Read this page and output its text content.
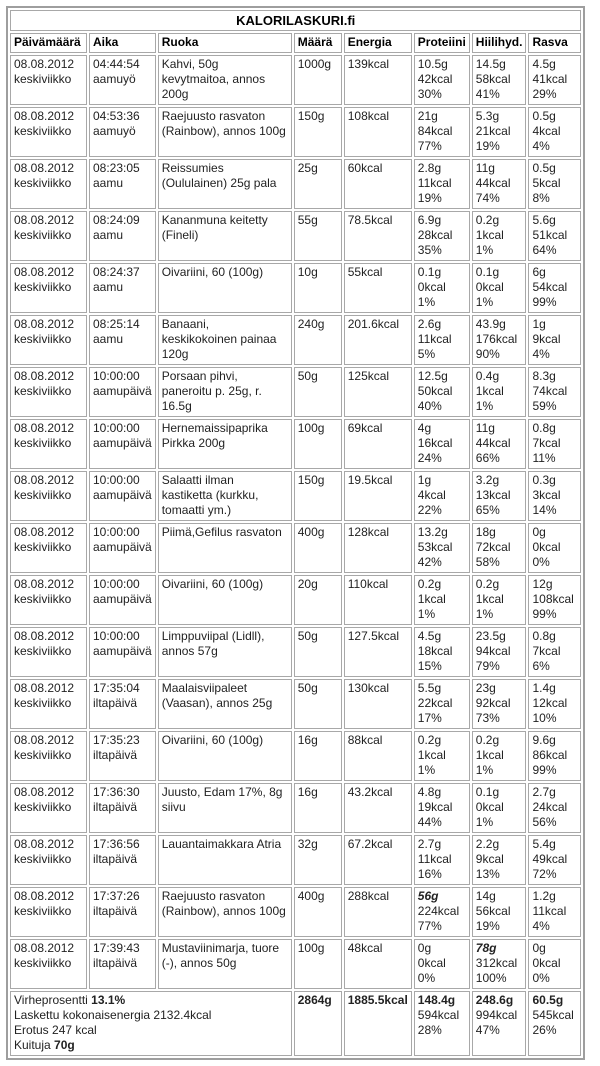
KALORILASKURI.fi							
Päivämäärä	Aika	Ruoka	Määrä	Energia	Proteiini	Hiilihyd.	Rasva

08.08.2012
keskiviikko	04:44:54
aamuyö	Kahvi, 50g kevytmaitoa, annos 200g	1000g	139kcal	10.5g
42kcal
30%	14.5g
58kcal
41%	4.5g
41kcal
29%

08.08.2012
keskiviikko	04:53:36
aamuyö	Raejuusto rasvaton (Rainbow), annos 100g	150g	108kcal	21g
84kcal
77%	5.3g
21kcal
19%	0.5g
4kcal
4%

08.08.2012
keskiviikko	08:23:05
aamu	Reissumies (Oululainen) 25g pala	25g	60kcal	2.8g
11kcal
19%	11g
44kcal
74%	0.5g
5kcal
8%

08.08.2012
keskiviikko	08:24:09
aamu	Kananmuna keitetty (Fineli)	55g	78.5kcal	6.9g
28kcal
35%	0.2g
1kcal
1%	5.6g
51kcal
64%

08.08.2012
keskiviikko	08:24:37
aamu	Oivariini, 60 (100g)	10g	55kcal	0.1g
0kcal
1%	0.1g
0kcal
1%	6g
54kcal
99%

08.08.2012
keskiviikko	08:25:14
aamu	Banaani, keskikokoinen painaa 120g	240g	201.6kcal	2.6g
11kcal
5%	43.9g
176kcal
90%	1g
9kcal
4%

08.08.2012
keskiviikko	10:00:00
aamupäivä	Porsaan pihvi, paneroitu p. 25g, r. 16.5g	50g	125kcal	12.5g
50kcal
40%	0.4g
1kcal
1%	8.3g
74kcal
59%

08.08.2012
keskiviikko	10:00:00
aamupäivä	Hernemaissipaprika Pirkka 200g	100g	69kcal	4g
16kcal
24%	11g
44kcal
66%	0.8g
7kcal
11%

08.08.2012
keskiviikko	10:00:00
aamupäivä	Salaatti ilman kastiketta (kurkku, tomaatti ym.)	150g	19.5kcal	1g
4kcal
22%	3.2g
13kcal
65%	0.3g
3kcal
14%

08.08.2012
keskiviikko	10:00:00
aamupäivä	Piimä,Gefilus rasvaton	400g	128kcal	13.2g
53kcal
42%	18g
72kcal
58%	0g
0kcal
0%

08.08.2012
keskiviikko	10:00:00
aamupäivä	Oivariini, 60 (100g)	20g	110kcal	0.2g
1kcal
1%	0.2g
1kcal
1%	12g
108kcal
99%

08.08.2012
keskiviikko	10:00:00
aamupäivä	Limppuviipal (Lidll), annos 57g	50g	127.5kcal	4.5g
18kcal
15%	23.5g
94kcal
79%	0.8g
7kcal
6%

08.08.2012
keskiviikko	17:35:04
iltapäivä	Maalaisviipaleet (Vaasan), annos 25g	50g	130kcal	5.5g
22kcal
17%	23g
92kcal
73%	1.4g
12kcal
10%

08.08.2012
keskiviikko	17:35:23
iltapäivä	Oivariini, 60 (100g)	16g	88kcal	0.2g
1kcal
1%	0.2g
1kcal
1%	9.6g
86kcal
99%

08.08.2012
keskiviikko	17:36:30
iltapäivä	Juusto, Edam 17%, 8g siivu	16g	43.2kcal	4.8g
19kcal
44%	0.1g
0kcal
1%	2.7g
24kcal
56%

08.08.2012
keskiviikko	17:36:56
iltapäivä	Lauantaimakkara Atria	32g	67.2kcal	2.7g
11kcal
16%	2.2g
9kcal
13%	5.4g
49kcal
72%

08.08.2012
keskiviikko	17:37:26
iltapäivä	Raejuusto rasvaton (Rainbow), annos 100g	400g	288kcal	56g
224kcal
77%	14g
56kcal
19%	1.2g
11kcal
4%

08.08.2012
keskiviikko	17:39:43
iltapäivä	Mustaviinimarja, tuore (-), annos 50g	100g	48kcal	0g
0kcal
0%	78g
312kcal
100%	0g
0kcal
0%

Virheprosentti 13.1%
Laskettu kokonaisenergia 2132.4kcal
Erotus 247 kcal
Kuituja 70g			2864g	1885.5kcal	148.4g
594kcal
28%	248.6g
994kcal
47%	60.5g
545kcal
26%
